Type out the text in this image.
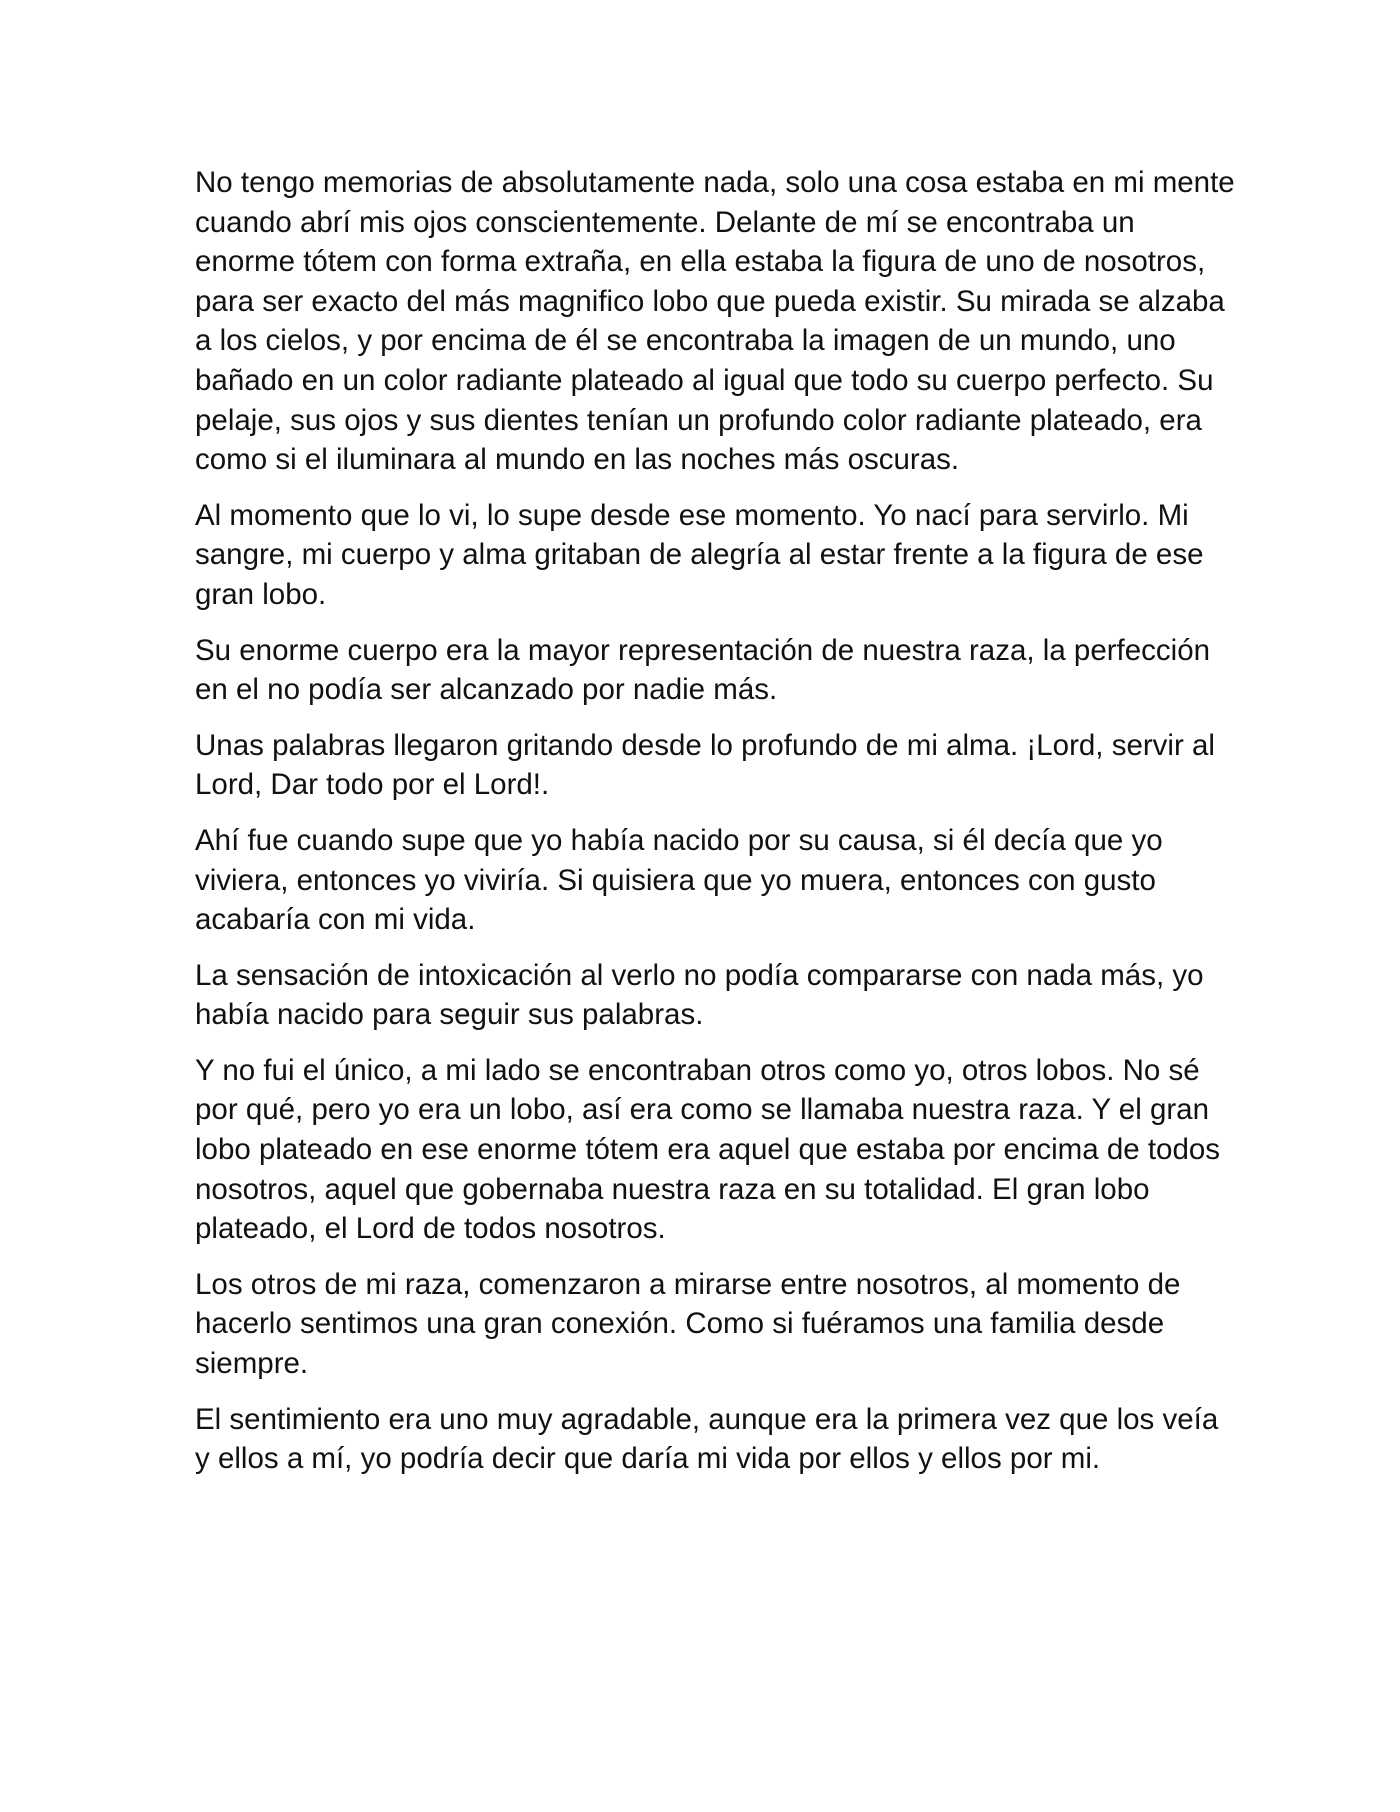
No tengo memorias de absolutamente nada, solo una cosa estaba en mi mente cuando abrí mis ojos conscientemente. Delante de mí se encontraba un enorme tótem con forma extraña, en ella estaba la figura de uno de nosotros, para ser exacto del más magnifico lobo que pueda existir. Su mirada se alzaba a los cielos, y por encima de él se encontraba la imagen de un mundo, uno bañado en un color radiante plateado al igual que todo su cuerpo perfecto. Su pelaje, sus ojos y sus dientes tenían un profundo color radiante plateado, era como si el iluminara al mundo en las noches más oscuras.

Al momento que lo vi, lo supe desde ese momento. Yo nací para servirlo. Mi sangre, mi cuerpo y alma gritaban de alegría al estar frente a la figura de ese gran lobo.

Su enorme cuerpo era la mayor representación de nuestra raza, la perfección en el no podía ser alcanzado por nadie más.

Unas palabras llegaron gritando desde lo profundo de mi alma. ¡Lord, servir al Lord, Dar todo por el Lord!.

Ahí fue cuando supe que yo había nacido por su causa, si él decía que yo viviera, entonces yo viviría. Si quisiera que yo muera, entonces con gusto acabaría con mi vida.

La sensación de intoxicación al verlo no podía compararse con nada más, yo había nacido para seguir sus palabras.

Y no fui el único, a mi lado se encontraban otros como yo, otros lobos. No sé por qué, pero yo era un lobo, así era como se llamaba nuestra raza. Y el gran lobo plateado en ese enorme tótem era aquel que estaba por encima de todos nosotros, aquel que gobernaba nuestra raza en su totalidad. El gran lobo plateado, el Lord de todos nosotros.

Los otros de mi raza, comenzaron a mirarse entre nosotros, al momento de hacerlo sentimos una gran conexión. Como si fuéramos una familia desde siempre.

El sentimiento era uno muy agradable, aunque era la primera vez que los veía y ellos a mí, yo podría decir que daría mi vida por ellos y ellos por mi.
